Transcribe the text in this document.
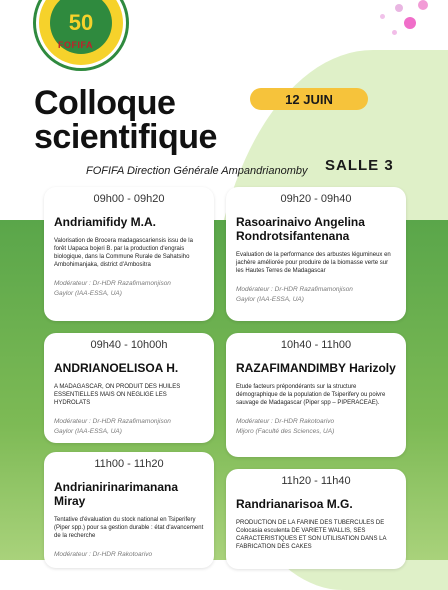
50
FOFIFA
Colloque
scientifique
12 JUIN
SALLE 3
FOFIFA Direction Générale Ampandrianomby
09h00 - 09h20
Andriamifidy M.A.
Valorisation de Brocera madagascariensis issu de la forêt Uapaca bojeri B. par la production d'engrais biologique, dans la Commune Rurale de Sahatsiho Ambohimanjaka, district d'Ambositra
Modérateur : Dr-HDR Razafimamonjison
Gaylor (IAA-ESSA, UA)
09h20 - 09h40
Rasoarinaivo Angelina Rondrotsifantenana
Evaluation de la performance des arbustes légumineux en jachère améliorée pour produire de la biomasse verte sur les Hautes Terres de Madagascar
Modérateur : Dr-HDR Razafimamonjison
Gaylor (IAA-ESSA, UA)
09h40 - 10h00h
ANDRIANOELISOA H.
A MADAGASCAR, ON PRODUIT DES HUILES ESSENTIELLES MAIS ON NEGLIGE LES HYDROLATS
Modérateur : Dr-HDR Razafimamonjison
Gaylor (IAA-ESSA, UA)
10h40 - 11h00
RAZAFIMANDIMBY Harizoly
Etude facteurs prépondérants sur la structure démographique de la population de Tsiperifery ou poivre sauvage de Madagascar (Piper spp – PIPERACEAE).
Modérateur : Dr-HDR Rakotoarivo
Mijoro (Faculté des Sciences, UA)
11h00 - 11h20
Andrianirinarimanana Miray
Tentative d'évaluation du stock national en Tsiperifery (Piper spp.) pour sa gestion durable : état d'avancement de la recherche
Modérateur : Dr-HDR Rakotoarivo
11h20 - 11h40
Randrianarisoa M.G.
PRODUCTION DE LA FARINE DES TUBERCULES DE Colocasia esculenta DE VARIETE WALLIS, SES CARACTERISTIQUES ET SON UTILISATION DANS LA FABRICATION DES CAKES
